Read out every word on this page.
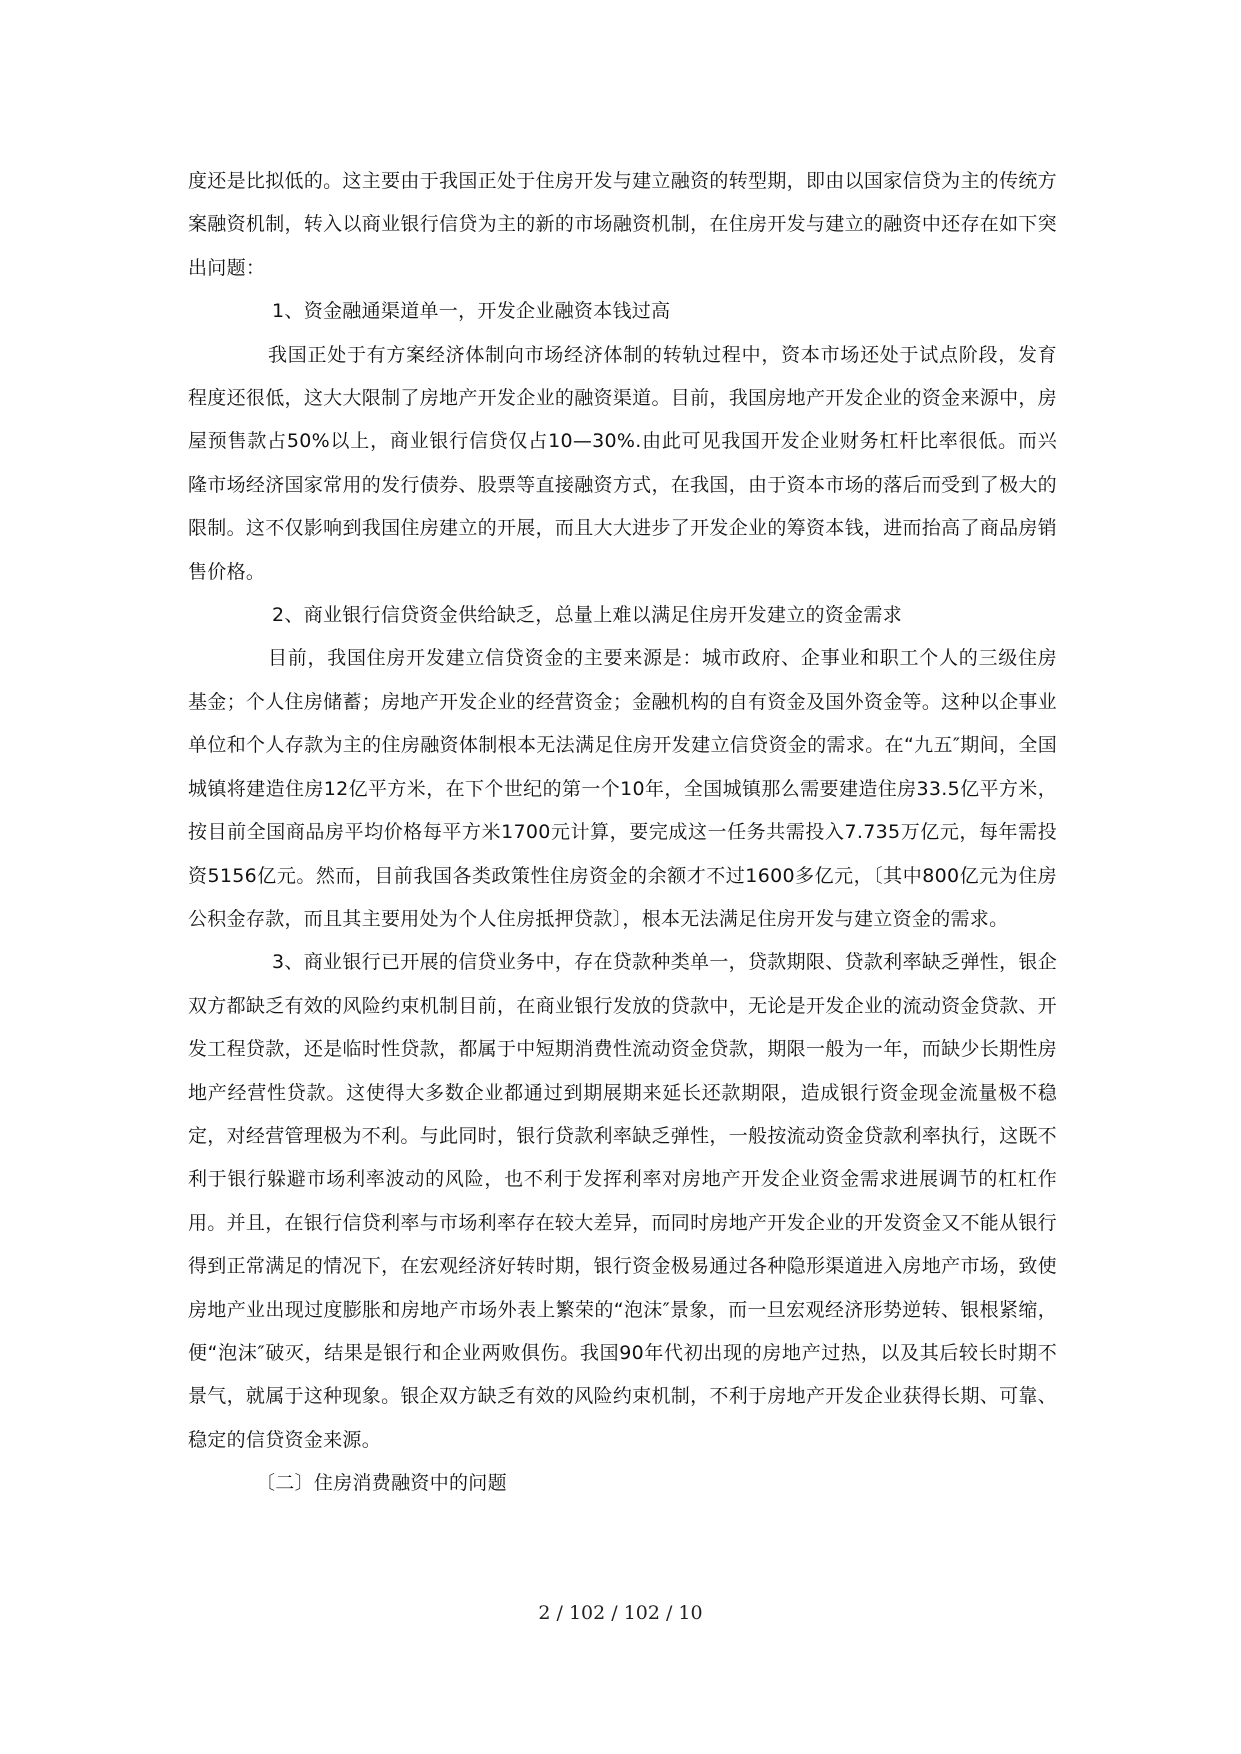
度还是比拟低的。这主要由于我国正处于住房开发与建立融资的转型期，即由以国家信贷为主的传统方案融资机制，转入以商业银行信贷为主的新的市场融资机制，在住房开发与建立的融资中还存在如下突出问题：

1、资金融通渠道单一，开发企业融资本钱过高

我国正处于有方案经济体制向市场经济体制的转轨过程中，资本市场还处于试点阶段，发育程度还很低，这大大限制了房地产开发企业的融资渠道。目前，我国房地产开发企业的资金来源中，房屋预售款占50%以上，商业银行信贷仅占10—30%.由此可见我国开发企业财务杠杆比率很低。而兴隆市场经济国家常用的发行债券、股票等直接融资方式，在我国，由于资本市场的落后而受到了极大的限制。这不仅影响到我国住房建立的开展，而且大大进步了开发企业的筹资本钱，进而抬高了商品房销售价格。

2、商业银行信贷资金供给缺乏，总量上难以满足住房开发建立的资金需求

目前，我国住房开发建立信贷资金的主要来源是：城市政府、企事业和职工个人的三级住房基金；个人住房储蓄；房地产开发企业的经营资金；金融机构的自有资金及国外资金等。这种以企事业单位和个人存款为主的住房融资体制根本无法满足住房开发建立信贷资金的需求。在“九五″期间，全国城镇将建造住房12亿平方米，在下个世纪的第一个10年，全国城镇那么需要建造住房33.5亿平方米，按目前全国商品房平均价格每平方米1700元计算，要完成这一任务共需投入7.735万亿元，每年需投资5156亿元。然而，目前我国各类政策性住房资金的余额才不过1600多亿元，〔其中800亿元为住房公积金存款，而且其主要用处为个人住房抵押贷款〕，根本无法满足住房开发与建立资金的需求。

3、商业银行已开展的信贷业务中，存在贷款种类单一，贷款期限、贷款利率缺乏弹性，银企双方都缺乏有效的风险约束机制目前，在商业银行发放的贷款中，无论是开发企业的流动资金贷款、开发工程贷款，还是临时性贷款，都属于中短期消费性流动资金贷款，期限一般为一年，而缺少长期性房地产经营性贷款。这使得大多数企业都通过到期展期来延长还款期限，造成银行资金现金流量极不稳定，对经营管理极为不利。与此同时，银行贷款利率缺乏弹性，一般按流动资金贷款利率执行，这既不利于银行躲避市场利率波动的风险，也不利于发挥利率对房地产开发企业资金需求进展调节的杠杠作用。并且，在银行信贷利率与市场利率存在较大差异，而同时房地产开发企业的开发资金又不能从银行得到正常满足的情况下，在宏观经济好转时期，银行资金极易通过各种隐形渠道进入房地产市场，致使房地产业出现过度膨胀和房地产市场外表上繁荣的“泡沫″景象，而一旦宏观经济形势逆转、银根紧缩，便“泡沫″破灭，结果是银行和企业两败俱伤。我国90年代初出现的房地产过热，以及其后较长时期不景气，就属于这种现象。银企双方缺乏有效的风险约束机制，不利于房地产开发企业获得长期、可靠、稳定的信贷资金来源。

〔二〕住房消费融资中的问题

2 / 102 / 102 / 10
